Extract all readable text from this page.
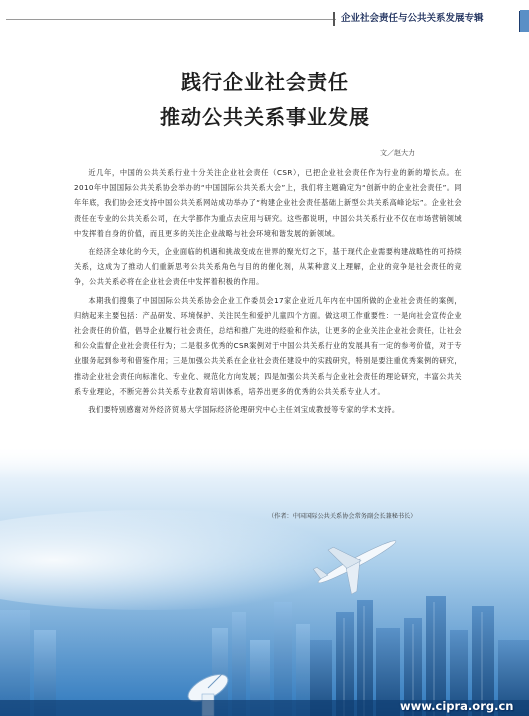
企业社会责任与公共关系发展专辑
践行企业社会责任
推动公共关系事业发展
文／赵大力

近几年，中国的公共关系行业十分关注企业社会责任（CSR），已把企业社会责任作为行业的新的增长点。在2010年中国国际公共关系协会举办的“中国国际公共关系大会”上，我们将主题确定为“创新中的企业社会责任”。同年年底，我们协会还支持中国公共关系网站成功举办了“构建企业社会责任基础上新型公共关系高峰论坛”。企业社会责任在专业的公共关系公司，在大学都作为重点去应用与研究。这些都说明，中国公共关系行业不仅在市场营销领域中发挥着自身的价值，而且更多的关注企业战略与社会环境和谐发展的新领域。

在经济全球化的今天，企业面临的机遇和挑战变成在世界的聚光灯之下，基于现代企业需要构建战略性的可持续关系，这成为了推动人们重新思考公共关系角色与目的的催化剂，从某种意义上理解，企业的竞争是社会责任的竞争，公共关系必将在企业社会责任中发挥着积极的作用。

本期我们搜集了中国国际公共关系协会企业工作委员会17家企业近几年内在中国所做的企业社会责任的案例，归纳起来主要包括：产品研发、环境保护、关注民生和爱护儿童四个方面。做这项工作重要性：一是向社会宣传企业社会责任的价值，倡导企业履行社会责任，总结和推广先进的经验和作法，让更多的企业关注企业社会责任，让社会和公众监督企业社会责任行为；二是很多优秀的CSR案例对于中国公共关系行业的发展具有一定的参考价值，对于专业服务起到参考和借鉴作用；三是加强公共关系在企业社会责任建设中的实践研究，特别是要注重优秀案例的研究，推动企业社会责任向标准化、专业化、规范化方向发展；四是加强公共关系与企业社会责任的理论研究，丰富公共关系专业理论，不断完善公共关系专业教育培训体系，培养出更多的优秀的公共关系专业人才。

我们要特别感谢对外经济贸易大学国际经济伦理研究中心主任刘宝成教授等专家的学术支持。

（作者：中国国际公共关系协会常务副会长兼秘书长）
www.cipra.org.cn
